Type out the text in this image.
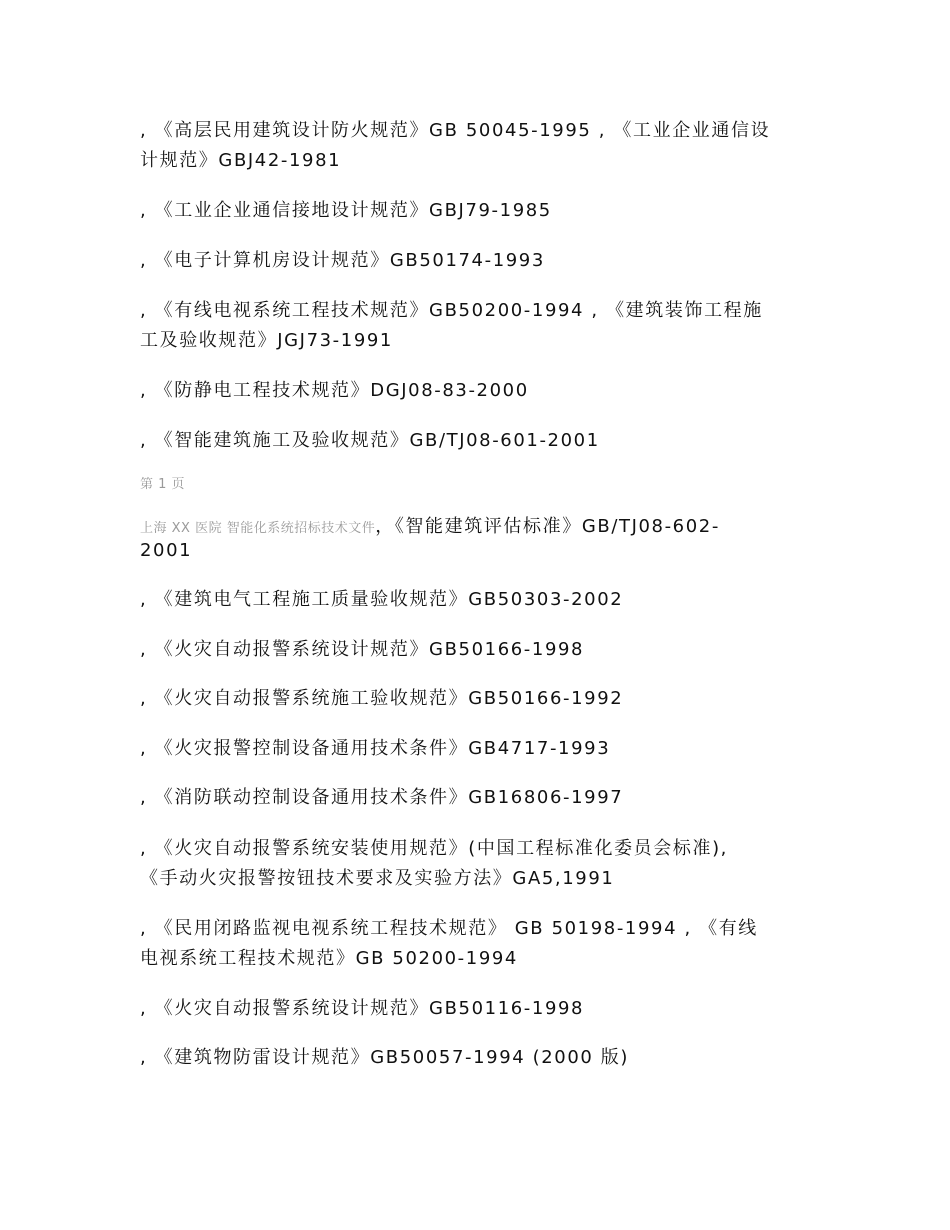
, 《高层民用建筑设计防火规范》GB 50045-1995 , 《工业企业通信设
计规范》GBJ42-1981
, 《工业企业通信接地设计规范》GBJ79-1985
, 《电子计算机房设计规范》GB50174-1993
, 《有线电视系统工程技术规范》GB50200-1994 , 《建筑装饰工程施
工及验收规范》JGJ73-1991
, 《防静电工程技术规范》DGJ08-83-2000
, 《智能建筑施工及验收规范》GB/TJ08-601-2001
第 1 页
上海 XX 医院 智能化系统招标技术文件，《智能建筑评估标准》GB/TJ08-602-
2001
, 《建筑电气工程施工质量验收规范》GB50303-2002
, 《火灾自动报警系统设计规范》GB50166-1998
, 《火灾自动报警系统施工验收规范》GB50166-1992
, 《火灾报警控制设备通用技术条件》GB4717-1993
, 《消防联动控制设备通用技术条件》GB16806-1997
, 《火灾自动报警系统安装使用规范》(中国工程标准化委员会标准),
《手动火灾报警按钮技术要求及实验方法》GA5,1991
, 《民用闭路监视电视系统工程技术规范》 GB 50198-1994 , 《有线
电视系统工程技术规范》GB 50200-1994
, 《火灾自动报警系统设计规范》GB50116-1998
, 《建筑物防雷设计规范》GB50057-1994 (2000 版)
